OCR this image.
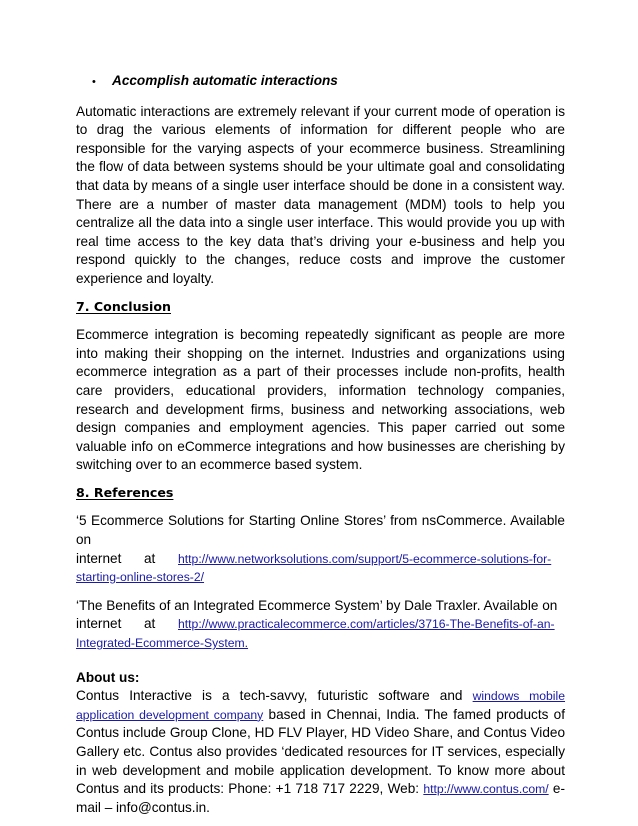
•	Accomplish automatic interactions

Automatic interactions are extremely relevant if your current mode of operation is to drag the various elements of information for different people who are responsible for the varying aspects of your ecommerce business. Streamlining the flow of data between systems should be your ultimate goal and consolidating that data by means of a single user interface should be done in a consistent way. There are a number of master data management (MDM) tools to help you centralize all the data into a single user interface. This would provide you up with real time access to the key data that’s driving your e-business and help you respond quickly to the changes, reduce costs and improve the customer experience and loyalty.

7. Conclusion

Ecommerce integration is becoming repeatedly significant as people are more into making their shopping on the internet. Industries and organizations using ecommerce integration as a part of their processes include non-profits, health care providers, educational providers, information technology companies, research and development firms, business and networking associations, web design companies and employment agencies. This paper carried out some valuable info on eCommerce integrations and how businesses are cherishing by switching over to an ecommerce based system.

8. References

‘5 Ecommerce Solutions for Starting Online Stores’ from nsCommerce. Available on

internet	at	http://www.networksolutions.com/support/5-ecommerce-solutions-for-
starting-online-stores-2/

‘The Benefits of an Integrated Ecommerce System’ by Dale Traxler. Available on

internet	at	http://www.practicalecommerce.com/articles/3716-The-Benefits-of-an-
Integrated-Ecommerce-System.
About us:

Contus Interactive is a tech-savvy, futuristic software and windows mobile application development company based in Chennai, India. The famed products of Contus include Group Clone, HD FLV Player, HD Video Share, and Contus Video Gallery etc. Contus also provides ‘dedicated resources for IT services, especially in web development and mobile application development. To know more about Contus and its products: Phone: +1 718 717 2229, Web: http://www.contus.com/ e-mail – info@contus.in.
